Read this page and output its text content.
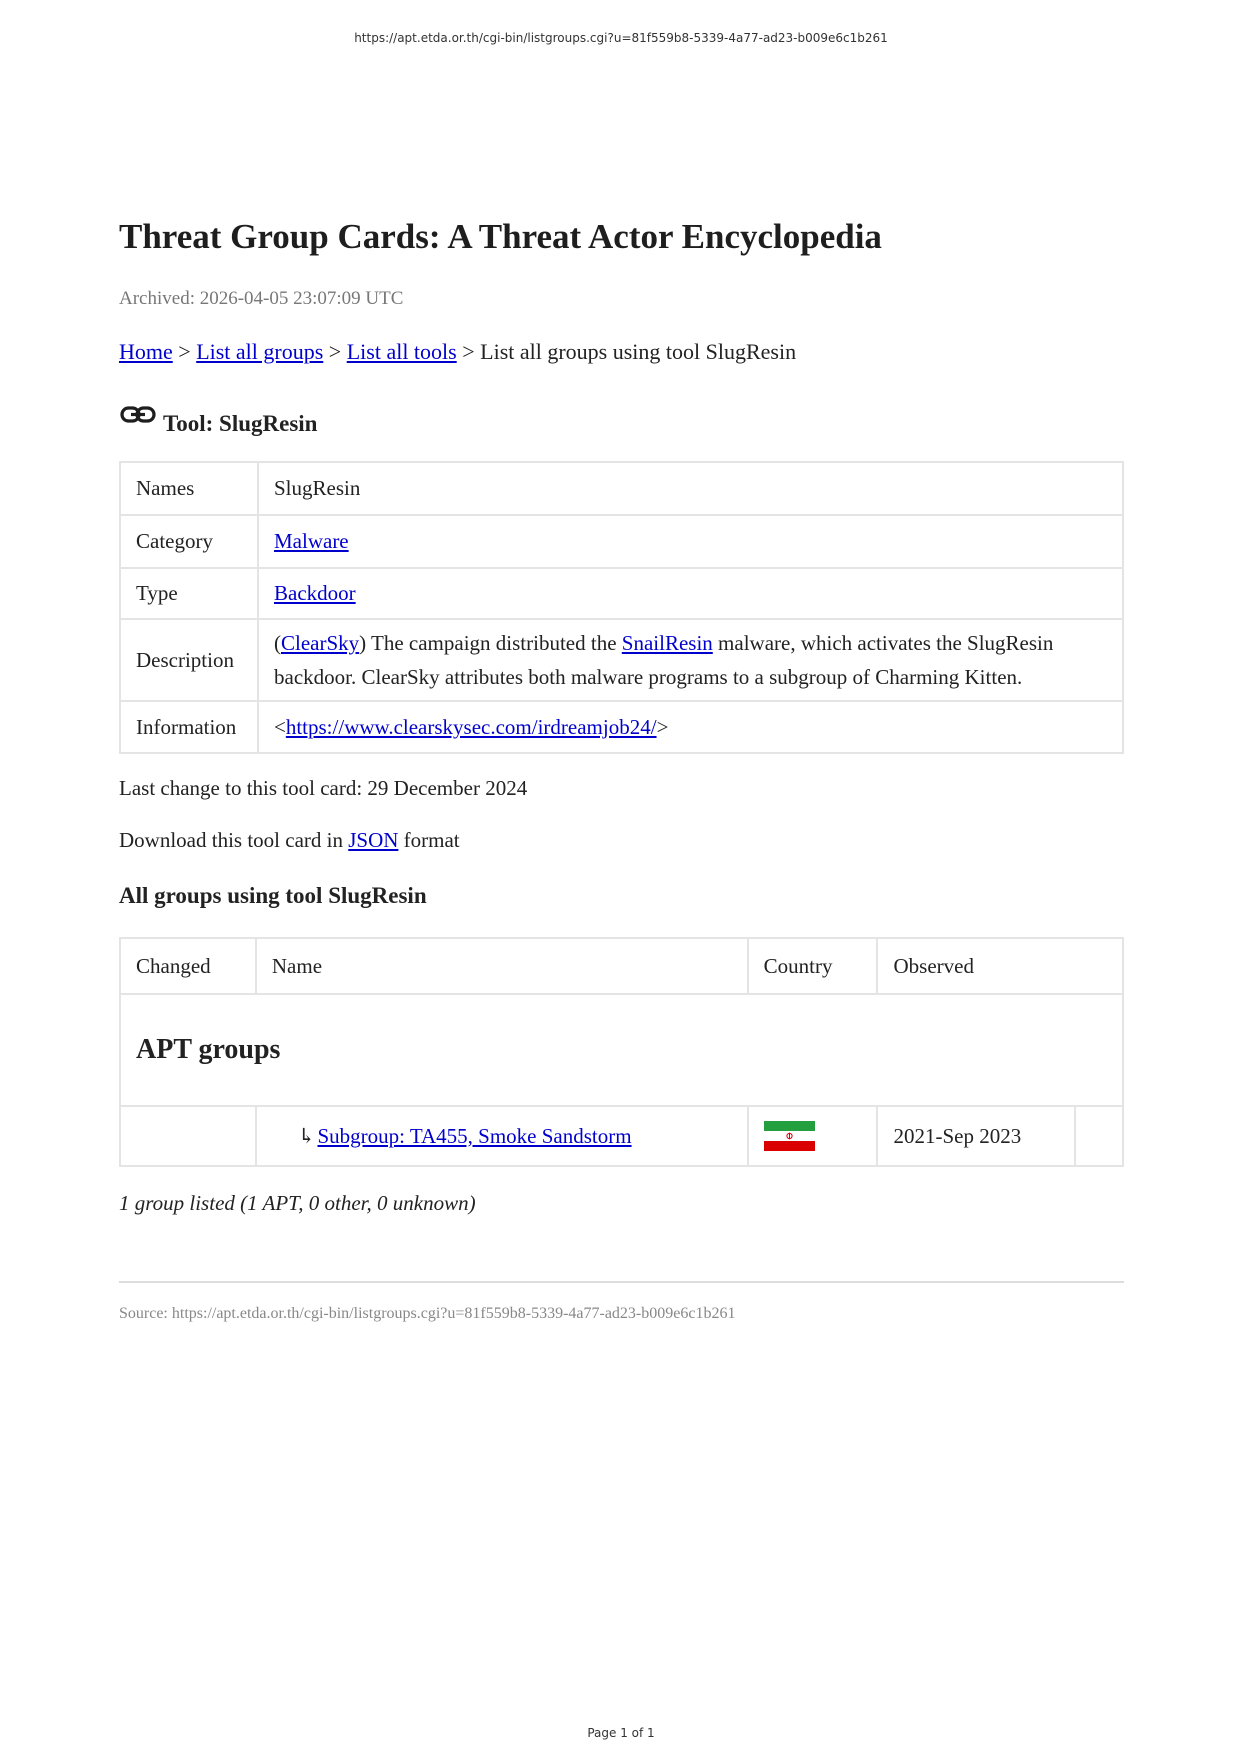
https://apt.etda.or.th/cgi-bin/listgroups.cgi?u=81f559b8-5339-4a77-ad23-b009e6c1b261
Threat Group Cards: A Threat Actor Encyclopedia
Archived: 2026-04-05 23:07:09 UTC
Home > List all groups > List all tools > List all groups using tool SlugResin
Tool: SlugResin
Names	SlugResin
Category	Malware
Type	Backdoor
Description	(ClearSky) The campaign distributed the SnailResin malware, which activates the SlugResin backdoor. ClearSky attributes both malware programs to a subgroup of Charming Kitten.
Information	<https://www.clearskysec.com/irdreamjob24/>
Last change to this tool card: 29 December 2024
Download this tool card in JSON format
All groups using tool SlugResin
Changed	Name	Country	Observed	
APT groups				
	↳Subgroup: TA455, Smoke Sandstorm		2021-Sep 2023	
1 group listed (1 APT, 0 other, 0 unknown)
Source: https://apt.etda.or.th/cgi-bin/listgroups.cgi?u=81f559b8-5339-4a77-ad23-b009e6c1b261
Page 1 of 1
